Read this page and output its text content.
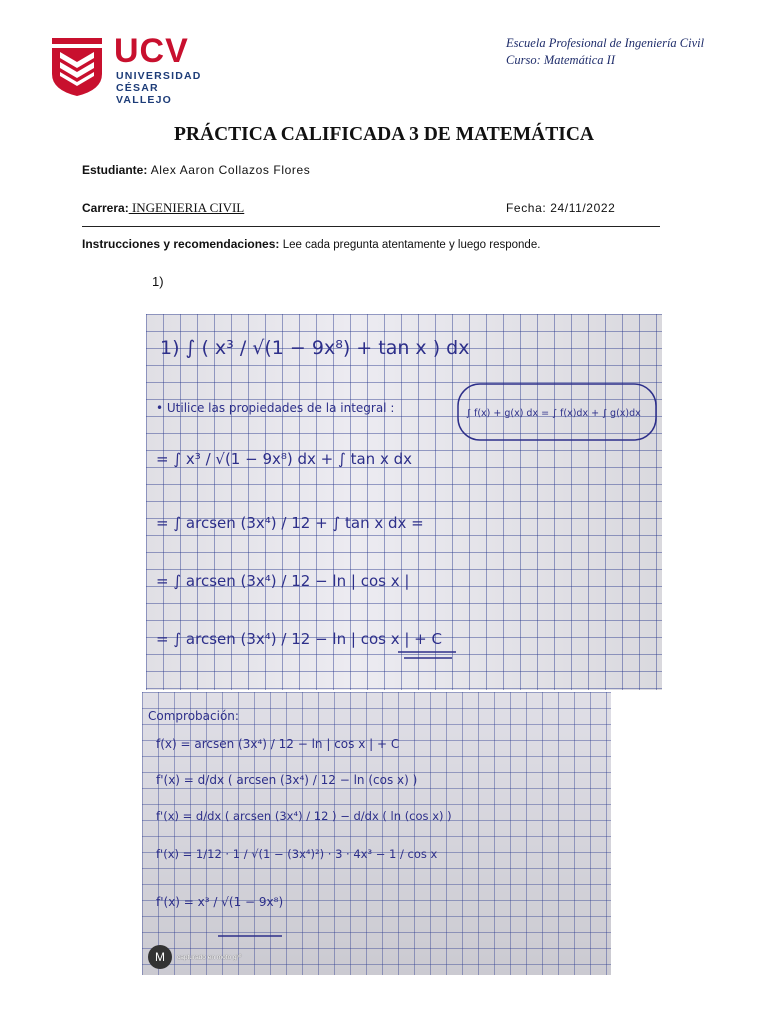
UCV
UNIVERSIDAD
CÉSAR VALLEJO
Escuela Profesional de Ingeniería Civil
Curso: Matemática II
PRÁCTICA CALIFICADA 3 DE MATEMÁTICA
Estudiante: Alex Aaron Collazos Flores
Carrera: INGENIERIA CIVIL	Fecha: 24/11/2022
Instrucciones y recomendaciones: Lee cada pregunta atentamente y luego responde.
1)
1) ∫ ( x³ / √(1 − 9x⁸) + tan x ) dx
• Utilice las propiedades de la integral :	∫ f(x) + g(x) dx = ∫ f(x)dx + ∫ g(x)dx
= ∫ x³ / √(1 − 9x⁸) dx + ∫ tan x dx
= ∫ arcsen (3x⁴) / 12 + ∫ tan x dx =
= ∫ arcsen (3x⁴) / 12 − ln | cos x |
= ∫ arcsen (3x⁴) / 12 − ln | cos x | + C
Comprobación:
f(x) = arcsen (3x⁴) / 12 − ln | cos x | + C
f'(x) = d/dx ( arcsen (3x⁴) / 12 − ln (cos x) )
f'(x) = d/dx ( arcsen (3x⁴) / 12 ) − d/dx ( ln (cos x) )
f'(x) = 1/12 · 1 / √(1 − (3x⁴)²) · 3 · 4x³ − 1 / cos x
f'(x) = x³ / √(1 − 9x⁸)
M	capturado en moto g³⁰
